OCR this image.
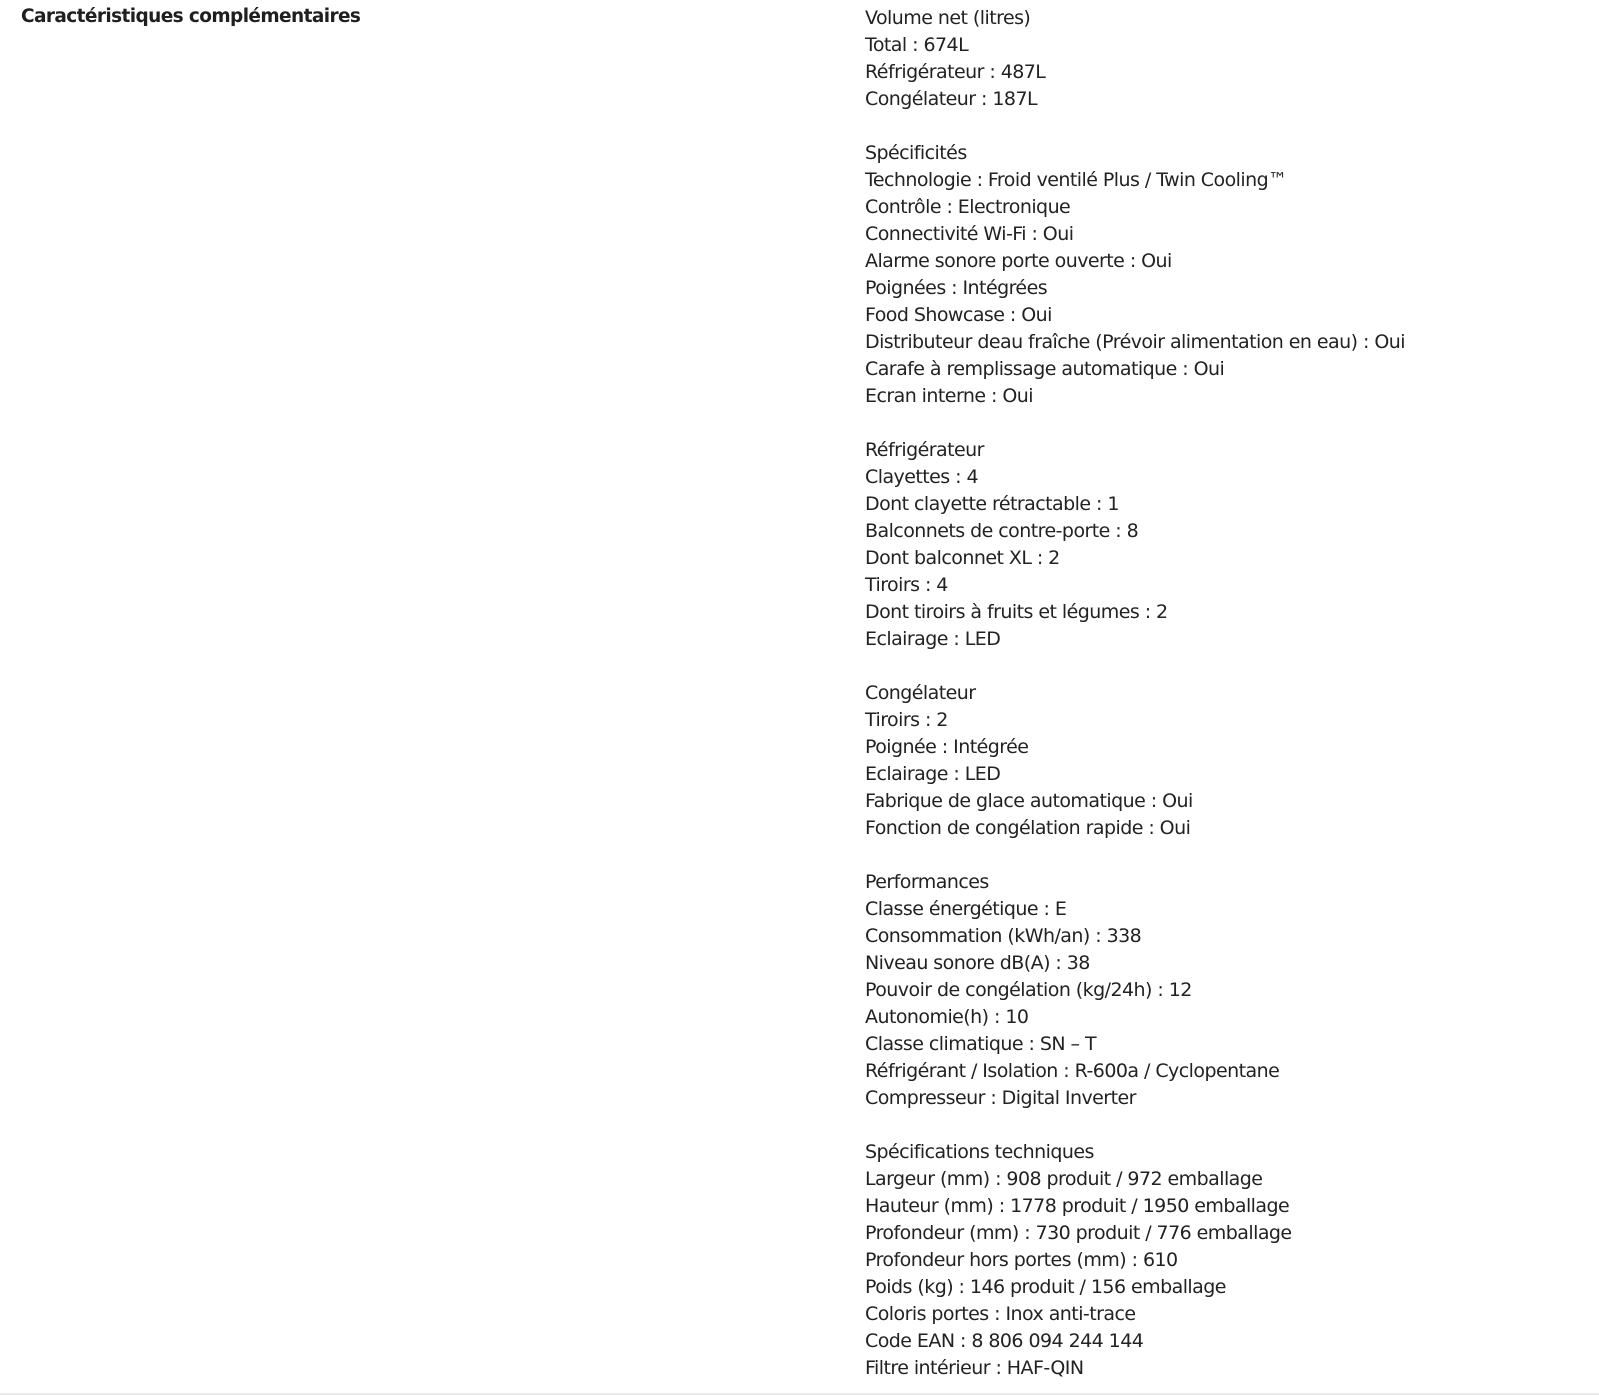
Caractéristiques complémentaires	Volume net (litres)
Total : 674L
Réfrigérateur : 487L
Congélateur : 187L
Spécificités
Technologie : Froid ventilé Plus / Twin Cooling™
Contrôle : Electronique
Connectivité Wi-Fi : Oui
Alarme sonore porte ouverte : Oui
Poignées : Intégrées
Food Showcase : Oui
Distributeur deau fraîche (Prévoir alimentation en eau) : Oui
Carafe à remplissage automatique : Oui
Ecran interne : Oui
Réfrigérateur
Clayettes : 4
Dont clayette rétractable : 1
Balconnets de contre-porte : 8
Dont balconnet XL : 2
Tiroirs : 4
Dont tiroirs à fruits et légumes : 2
Eclairage : LED
Congélateur
Tiroirs : 2
Poignée : Intégrée
Eclairage : LED
Fabrique de glace automatique : Oui
Fonction de congélation rapide : Oui
Performances
Classe énergétique : E
Consommation (kWh/an) : 338
Niveau sonore dB(A) : 38
Pouvoir de congélation (kg/24h) : 12
Autonomie(h) : 10
Classe climatique : SN – T
Réfrigérant / Isolation : R-600a / Cyclopentane
Compresseur : Digital Inverter
Spécifications techniques
Largeur (mm) : 908 produit / 972 emballage
Hauteur (mm) : 1778 produit / 1950 emballage
Profondeur (mm) : 730 produit / 776 emballage
Profondeur hors portes (mm) : 610
Poids (kg) : 146 produit / 156 emballage
Coloris portes : Inox anti-trace
Code EAN : 8 806 094 244 144
Filtre intérieur : HAF-QIN
